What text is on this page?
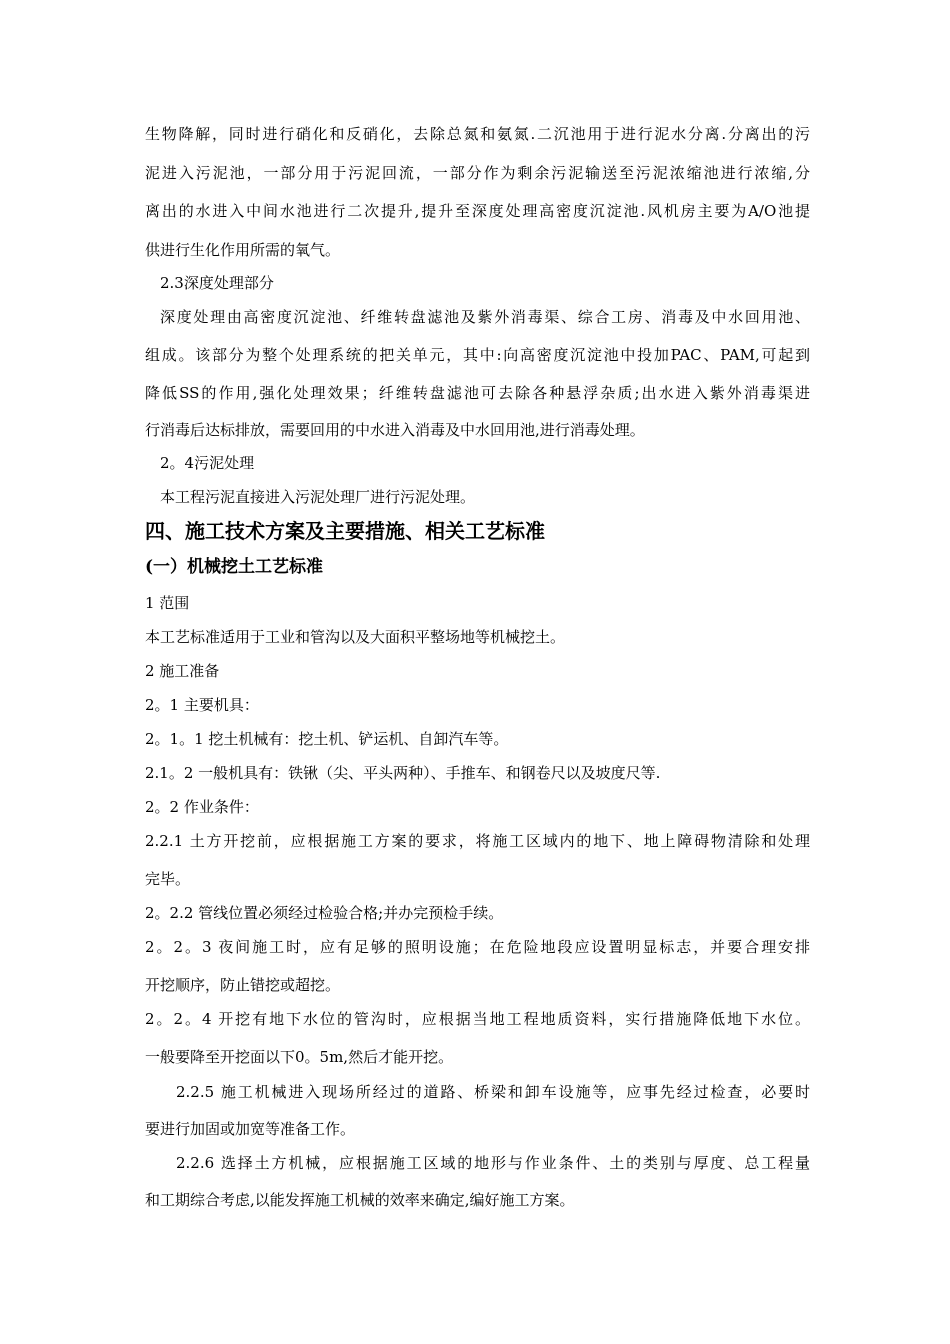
生物降解，同时进行硝化和反硝化，去除总氮和氨氮.二沉池用于进行泥水分离.分离出的污
泥进入污泥池，一部分用于污泥回流，一部分作为剩余污泥输送至污泥浓缩池进行浓缩,分
离出的水进入中间水池进行二次提升,提升至深度处理高密度沉淀池.风机房主要为A/O池提
供进行生化作用所需的氧气。
2.3深度处理部分
深度处理由高密度沉淀池、纤维转盘滤池及紫外消毒渠、综合工房、消毒及中水回用池、
组成。该部分为整个处理系统的把关单元，其中:向高密度沉淀池中投加PAC、PAM,可起到
降低SS的作用,强化处理效果；纤维转盘滤池可去除各种悬浮杂质;出水进入紫外消毒渠进
行消毒后达标排放，需要回用的中水进入消毒及中水回用池,进行消毒处理。
2。4污泥处理
本工程污泥直接进入污泥处理厂进行污泥处理。
四、施工技术方案及主要措施、相关工艺标准
(一）机械挖土工艺标准
1 范围
本工艺标准适用于工业和管沟以及大面积平整场地等机械挖土。
2 施工准备
2。1 主要机具：
2。1。1 挖土机械有：挖土机、铲运机、自卸汽车等。
2.1。2 一般机具有：铁锹（尖、平头两种）、手推车、和钢卷尺以及坡度尺等.
2。2 作业条件：
2.2.1 土方开挖前，应根据施工方案的要求，将施工区域内的地下、地上障碍物清除和处理
完毕。
2。2.2 管线位置必须经过检验合格;并办完预检手续。
2。2。3 夜间施工时，应有足够的照明设施；在危险地段应设置明显标志，并要合理安排
开挖顺序，防止错挖或超挖。
2。2。4 开挖有地下水位的管沟时，应根据当地工程地质资料，实行措施降低地下水位。
一般要降至开挖面以下0。5m,然后才能开挖。
2.2.5 施工机械进入现场所经过的道路、桥梁和卸车设施等，应事先经过检查，必要时
要进行加固或加宽等准备工作。
2.2.6 选择土方机械，应根据施工区域的地形与作业条件、土的类别与厚度、总工程量
和工期综合考虑,以能发挥施工机械的效率来确定,编好施工方案。
